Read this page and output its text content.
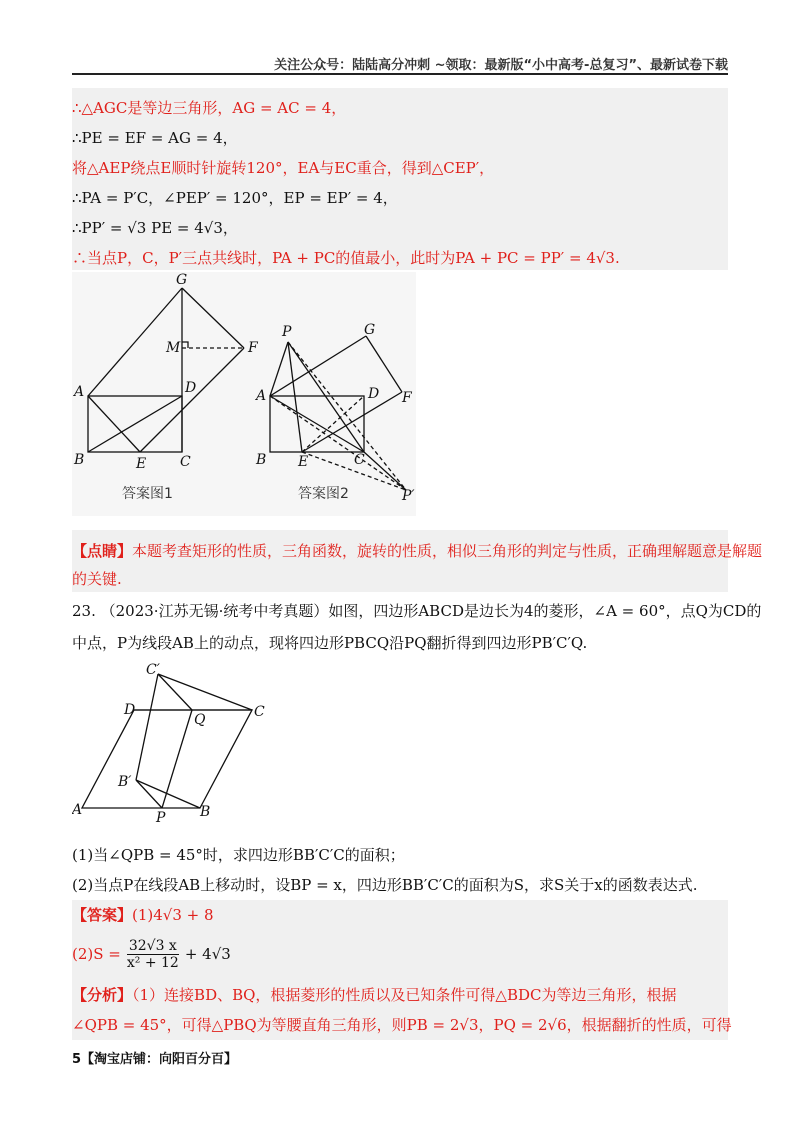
关注公众号：陆陆高分冲刺 ~领取：最新版“小中高考-总复习”、最新试卷下载
∴△AGC是等边三角形，AG = AC = 4，
∴PE = EF = AG = 4，
将△AEP绕点E顺时针旋转120°，EA与EC重合，得到△CEP′，
∴PA = P′C，∠PEP′ = 120°，EP = EP′ = 4，
∴PP′ = √3 PE = 4√3，
∴当点P，C，P′三点共线时，PA + PC的值最小，此时为PA + PC = PP′ = 4√3.
G
M	F
A	D
B	E C
答案图1
P	G
A	D F
B E	C
P′
答案图2
【点睛】本题考查矩形的性质，三角函数，旋转的性质，相似三角形的判定与性质，正确理解题意是解题
的关键.
23. （2023·江苏无锡·统考中考真题）如图，四边形ABCD是边长为4的菱形，∠A = 60°，点Q为CD的
中点，P为线段AB上的动点，现将四边形PBCQ沿PQ翻折得到四边形PB′C′Q.
C′
D
Q	C
B′
A	P B
(1)当∠QPB = 45°时，求四边形BB′C′C的面积；
(2)当点P在线段AB上移动时，设BP = x，四边形BB′C′C的面积为S，求S关于x的函数表达式.
【答案】(1)4√3 + 8
$(2)S = \frac{32√3 x}{\text{x² + 12}} + 4√3$
【分析】（1）连接BD、BQ，根据菱形的性质以及已知条件可得△BDC为等边三角形，根据
∠QPB = 45°，可得△PBQ为等腰直角三角形，则PB = 2√3，PQ = 2√6，根据翻折的性质，可得
5【淘宝店铺：向阳百分百】
